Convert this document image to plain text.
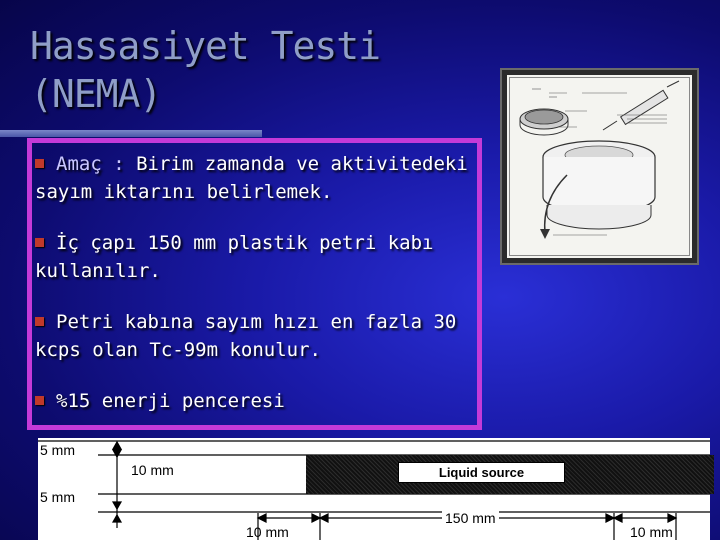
Hassasiyet Testi
(NEMA)
Amaç : Birim zamanda ve aktivitedeki sayım iktarını belirlemek.
İç çapı 150 mm plastik petri kabı kullanılır.
Petri kabına sayım hızı en fazla 30 kcps olan Tc-99m konulur.
%15 enerji penceresi
Liquid source
5 mm
10 mm
5 mm
150 mm
10 mm	10 mm
